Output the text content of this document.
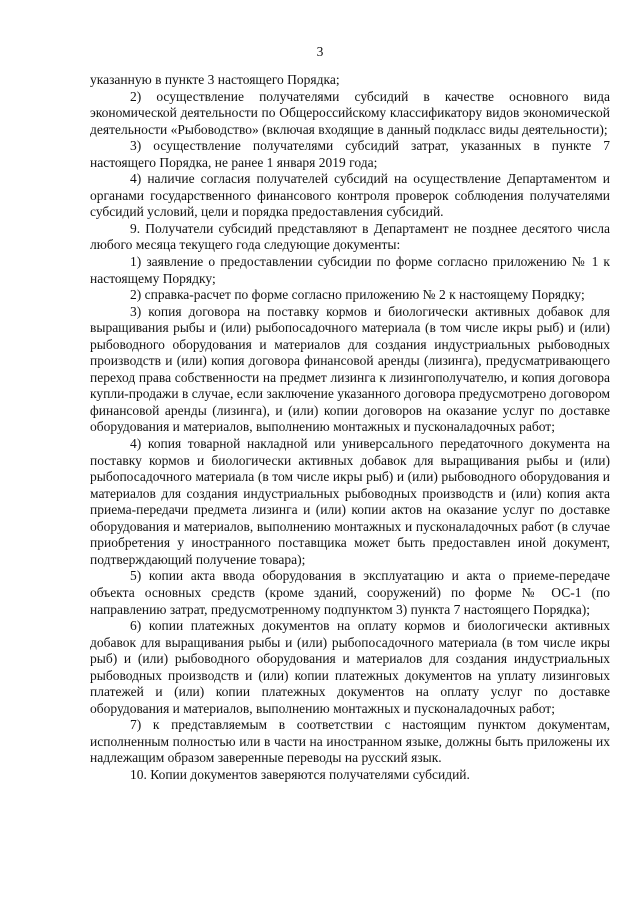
3

указанную в пункте 3 настоящего Порядка;

2) осуществление получателями субсидий в качестве основного вида экономической деятельности по Общероссийскому классификатору видов экономической деятельности «Рыбоводство» (включая входящие в данный подкласс виды деятельности);

3) осуществление получателями субсидий затрат, указанных в пункте 7 настоящего Порядка, не ранее 1 января 2019 года;

4) наличие согласия получателей субсидий на осуществление Департаментом и органами государственного финансового контроля проверок соблюдения получателями субсидий условий, цели и порядка предоставления субсидий.

9. Получатели субсидий представляют в Департамент не позднее десятого числа любого месяца текущего года следующие документы:

1) заявление о предоставлении субсидии по форме согласно приложению № 1 к настоящему Порядку;

2) справка-расчет по форме согласно приложению № 2 к настоящему Порядку;

3) копия договора на поставку кормов и биологически активных добавок для выращивания рыбы и (или) рыбопосадочного материала (в том числе икры рыб) и (или) рыбоводного оборудования и материалов для создания индустриальных рыбоводных производств и (или) копия договора финансовой аренды (лизинга), предусматривающего переход права собственности на предмет лизинга к лизингополучателю, и копия договора купли-продажи в случае, если заключение указанного договора предусмотрено договором финансовой аренды (лизинга), и (или) копии договоров на оказание услуг по доставке оборудования и материалов, выполнению монтажных и пусконаладочных работ;

4) копия товарной накладной или универсального передаточного документа на поставку кормов и биологически активных добавок для выращивания рыбы и (или) рыбопосадочного материала (в том числе икры рыб) и (или) рыбоводного оборудования и материалов для создания индустриальных рыбоводных производств и (или) копия акта приема-передачи предмета лизинга и (или) копии актов на оказание услуг по доставке оборудования и материалов, выполнению монтажных и пусконаладочных работ (в случае приобретения у иностранного поставщика может быть предоставлен иной документ, подтверждающий получение товара);

5) копии акта ввода оборудования в эксплуатацию и акта о приеме-передаче объекта основных средств (кроме зданий, сооружений) по форме № ОС-1 (по направлению затрат, предусмотренному подпунктом 3) пункта 7 настоящего Порядка);

6) копии платежных документов на оплату кормов и биологически активных добавок для выращивания рыбы и (или) рыбопосадочного материала (в том числе икры рыб) и (или) рыбоводного оборудования и материалов для создания индустриальных рыбоводных производств и (или) копии платежных документов на уплату лизинговых платежей и (или) копии платежных документов на оплату услуг по доставке оборудования и материалов, выполнению монтажных и пусконаладочных работ;

7) к представляемым в соответствии с настоящим пунктом документам, исполненным полностью или в части на иностранном языке, должны быть приложены их надлежащим образом заверенные переводы на русский язык.

10. Копии документов заверяются получателями субсидий.
